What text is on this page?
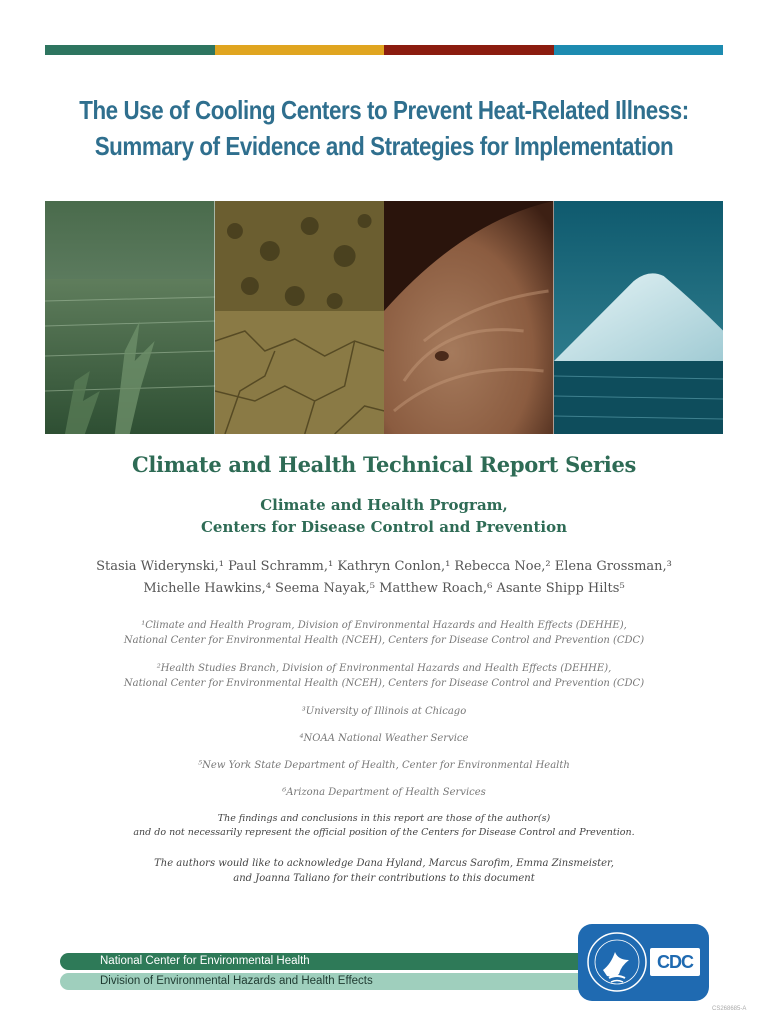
The Use of Cooling Centers to Prevent Heat-Related Illness:
Summary of Evidence and Strategies for Implementation
Climate and Health Technical Report Series
Climate and Health Program,
Centers for Disease Control and Prevention
Stasia Widerynski,¹ Paul Schramm,¹ Kathryn Conlon,¹ Rebecca Noe,² Elena Grossman,³
Michelle Hawkins,⁴ Seema Nayak,⁵ Matthew Roach,⁶ Asante Shipp Hilts⁵
¹Climate and Health Program, Division of Environmental Hazards and Health Effects (DEHHE),
National Center for Environmental Health (NCEH), Centers for Disease Control and Prevention (CDC)
²Health Studies Branch, Division of Environmental Hazards and Health Effects (DEHHE),
National Center for Environmental Health (NCEH), Centers for Disease Control and Prevention (CDC)
³University of Illinois at Chicago
⁴NOAA National Weather Service
⁵New York State Department of Health, Center for Environmental Health
⁶Arizona Department of Health Services
The findings and conclusions in this report are those of the author(s)
and do not necessarily represent the official position of the Centers for Disease Control and Prevention.
The authors would like to acknowledge Dana Hyland, Marcus Sarofim, Emma Zinsmeister,
and Joanna Taliano for their contributions to this document
National Center for Environmental Health
Division of Environmental Hazards and Health Effects
CDC
CS268685-A
